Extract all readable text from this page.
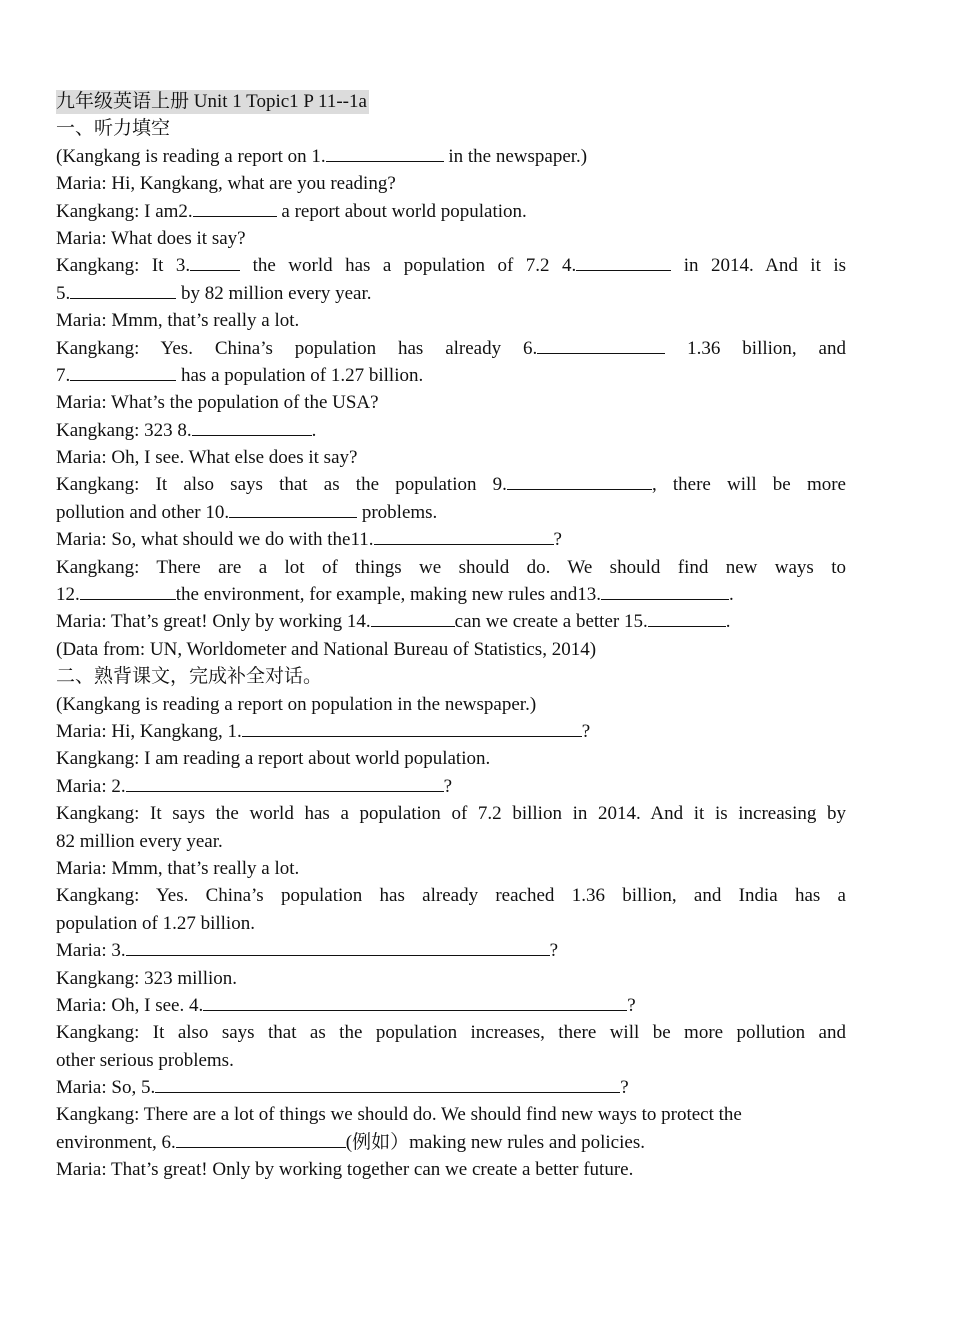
九年级英语上册 Unit 1 Topic1 P 11--1a
一、听力填空
(Kangkang is reading a report on 1.	in the newspaper.)
Maria: Hi, Kangkang, what are you reading?
Kangkang: I am2.	a report about world population.
Maria: What does it say?
Kangkang: It 3.	the world has a population of 7.2 4.	in 2014. And it is
5.	by 82 million every year.
Maria: Mmm, that’s really a lot.
Kangkang: Yes. China’s population has already 6.	1.36 billion, and
7.	has a population of 1.27 billion.
Maria: What’s the population of the USA?
Kangkang: 323 8.	.
Maria: Oh, I see. What else does it say?
Kangkang: It also says that as the population 9.	, there will be more
pollution and other 10.	problems.
Maria: So, what should we do with the11.	?
Kangkang: There are a lot of things we should do. We should find new ways to
12.	the environment, for example, making new rules and13.	.
Maria: That’s great! Only by working 14.	can we create a better 15.	.
(Data from: UN, Worldometer and National Bureau of Statistics, 2014)
二、熟背课文，完成补全对话。
(Kangkang is reading a report on population in the newspaper.)
Maria: Hi, Kangkang, 1.	?
Kangkang: I am reading a report about world population.
Maria: 2.	?
Kangkang: It says the world has a population of 7.2 billion in 2014. And it is increasing by
82 million every year.
Maria: Mmm, that’s really a lot.
Kangkang: Yes. China’s population has already reached 1.36 billion, and India has a
population of 1.27 billion.
Maria: 3.	?
Kangkang: 323 million.
Maria: Oh, I see. 4.	?
Kangkang: It also says that as the population increases, there will be more pollution and
other serious problems.
Maria: So, 5.	?
Kangkang: There are a lot of things we should do. We should find new ways to protect the
environment, 6.	(例如）making new rules and policies.
Maria: That’s great! Only by working together can we create a better future.
